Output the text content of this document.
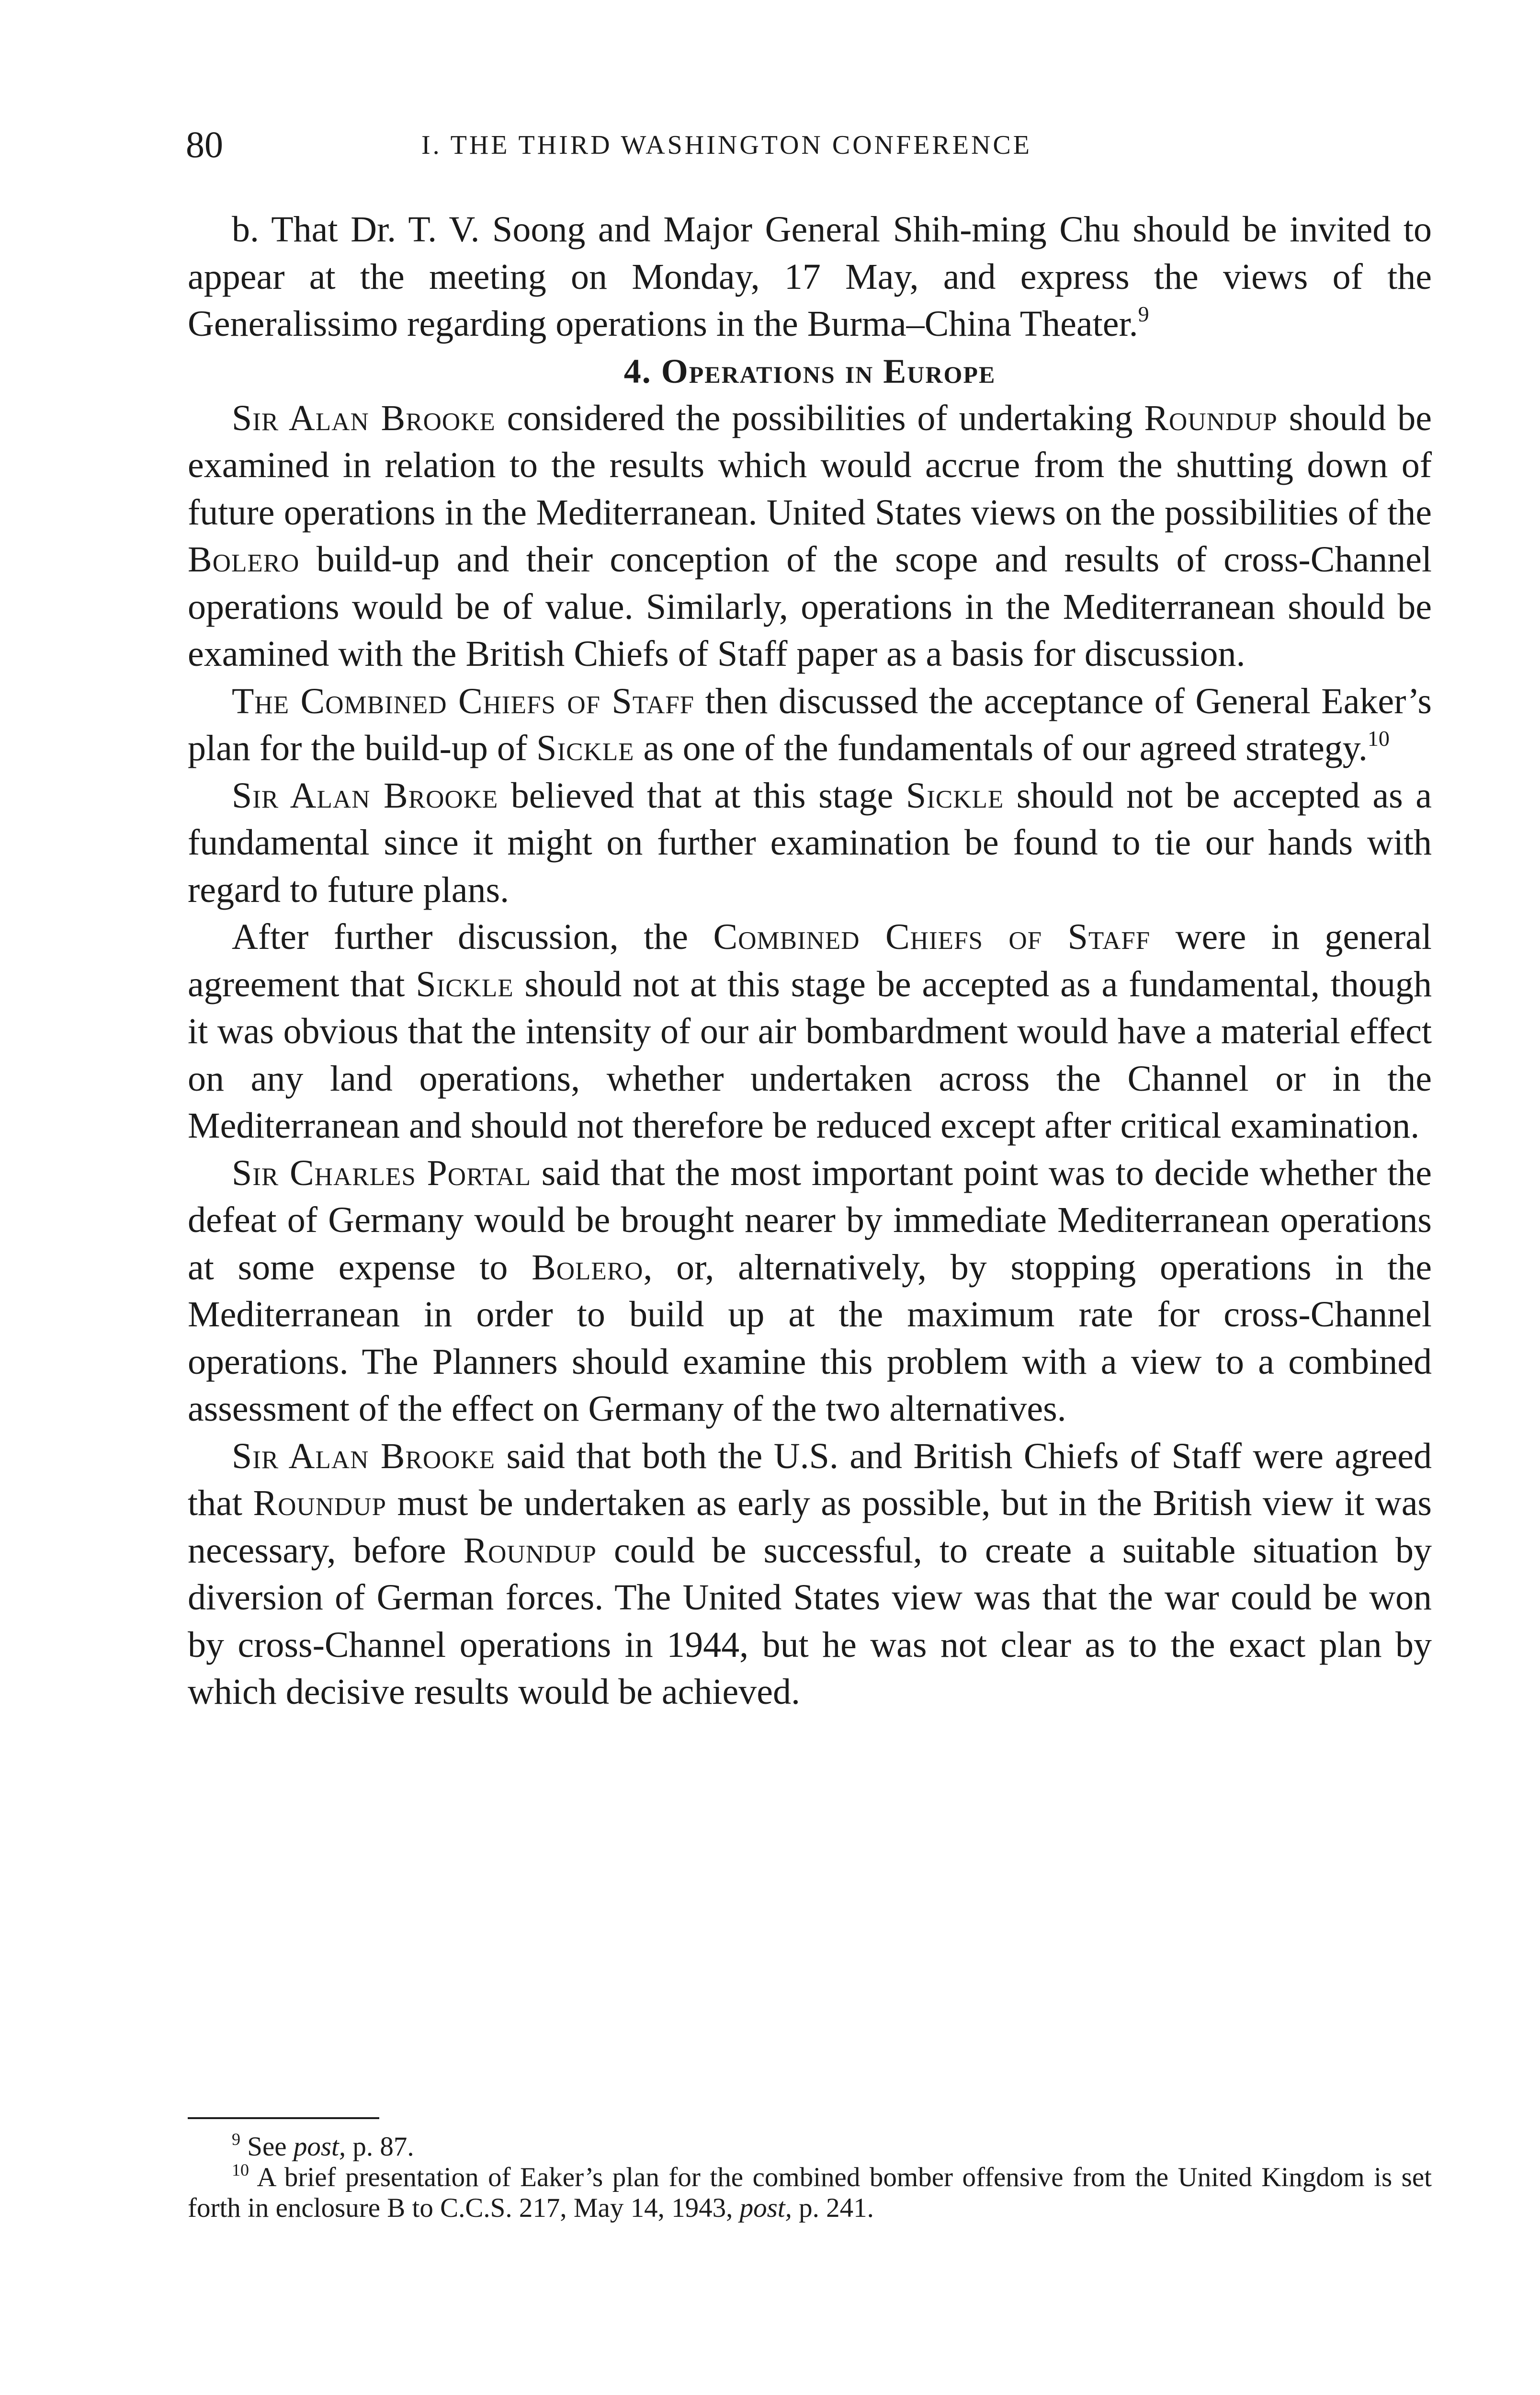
80	I. THE THIRD WASHINGTON CONFERENCE

b. That Dr. T. V. Soong and Major General Shih-ming Chu should be invited to appear at the meeting on Monday, 17 May, and express the views of the Generalissimo regarding operations in the Burma–China Theater.$^9$

4. Operations in Europe

Sir Alan Brooke considered the possibilities of undertaking Roundup should be examined in relation to the results which would accrue from the shutting down of future operations in the Mediterranean. United States views on the possibilities of the Bolero build-up and their conception of the scope and results of cross-Channel operations would be of value. Similarly, operations in the Mediterranean should be examined with the British Chiefs of Staff paper as a basis for discussion.

The Combined Chiefs of Staff then discussed the acceptance of General Eaker’s plan for the build-up of Sickle as one of the fundamentals of our agreed strategy.$^{10}$

Sir Alan Brooke believed that at this stage Sickle should not be accepted as a fundamental since it might on further examination be found to tie our hands with regard to future plans.

After further discussion, the Combined Chiefs of Staff were in general agreement that Sickle should not at this stage be accepted as a fundamental, though it was obvious that the intensity of our air bombardment would have a material effect on any land operations, whether undertaken across the Channel or in the Mediterranean and should not therefore be reduced except after critical examination.

Sir Charles Portal said that the most important point was to decide whether the defeat of Germany would be brought nearer by immediate Mediterranean operations at some expense to Bolero, or, alternatively, by stopping operations in the Mediterranean in order to build up at the maximum rate for cross-Channel operations. The Planners should examine this problem with a view to a combined assessment of the effect on Germany of the two alternatives.

Sir Alan Brooke said that both the U.S. and British Chiefs of Staff were agreed that Roundup must be undertaken as early as possible, but in the British view it was necessary, before Roundup could be successful, to create a suitable situation by diversion of German forces. The United States view was that the war could be won by cross-Channel operations in 1944, but he was not clear as to the exact plan by which decisive results would be achieved.

$^9$ See post, p. 87.

$^{10}$ A brief presentation of Eaker’s plan for the combined bomber offensive from the United Kingdom is set forth in enclosure B to C.C.S. 217, May 14, 1943, post, p. 241.
